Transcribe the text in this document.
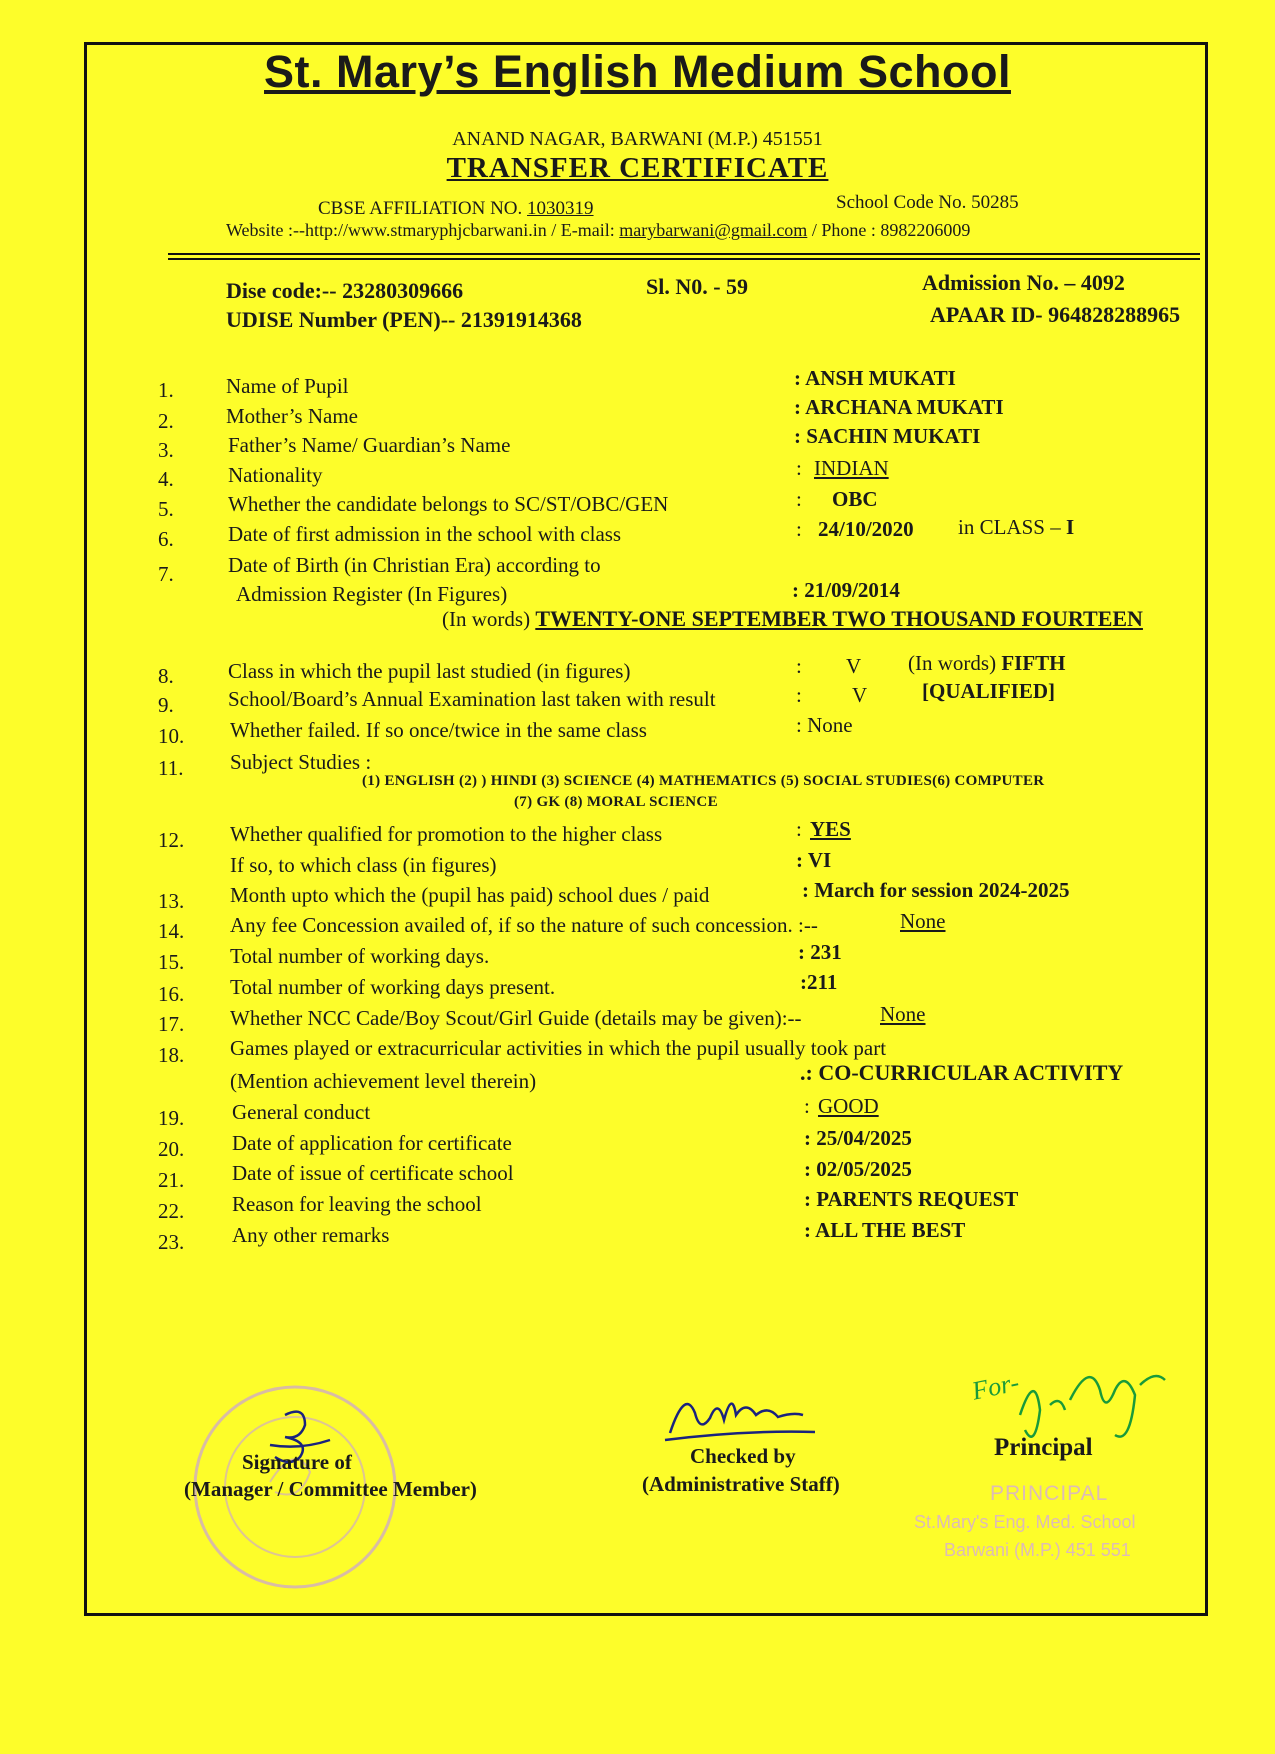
St. Mary’s English Medium School
ANAND NAGAR, BARWANI (M.P.) 451551
TRANSFER CERTIFICATE
CBSE AFFILIATION NO. 1030319	School Code No. 50285
Website :--http://www.stmaryphjcbarwani.in / E-mail: marybarwani@gmail.com / Phone : 8982206009
Dise code:-- 23280309666	Sl. N0. - 59	Admission No. – 4092
UDISE Number (PEN)-- 21391914368	APAAR ID- 964828288965
1. Name of Pupil	: ANSH MUKATI
2. Mother’s Name	: ARCHANA MUKATI
3.	Father’s Name/ Guardian’s Name	: SACHIN MUKATI
4.	Nationality	: INDIAN
5.	Whether the candidate belongs to SC/ST/OBC/GEN	: OBC
6.	Date of first admission in the school with class	: 24/10/2020 in CLASS – I
7.	Date of Birth (in Christian Era) according to
Admission Register (In Figures)	: 21/09/2014
(In words) TWENTY-ONE SEPTEMBER TWO THOUSAND FOURTEEN
8.	Class in which the pupil last studied (in figures)	: V (In words) FIFTH
9.	School/Board’s Annual Examination last taken with result	: V	[QUALIFIED]
10. Whether failed. If so once/twice in the same class	: None
11. Subject Studies :
(1) ENGLISH (2) ) HINDI (3) SCIENCE (4) MATHEMATICS (5) SOCIAL STUDIES(6) COMPUTER
(7) GK (8) MORAL SCIENCE
12. Whether qualified for promotion to the higher class	: YES
If so, to which class (in figures)	: VI
13. Month upto which the (pupil has paid) school dues / paid	: March for session 2024-2025
14. Any fee Concession availed of, if so the nature of such concession. :--	None
15. Total number of working days.	: 231
16. Total number of working days present.	:211
17. Whether NCC Cade/Boy Scout/Girl Guide (details may be given):--	None
18. Games played or extracurricular activities in which the pupil usually took part
(Mention achievement level therein)	.: CO-CURRICULAR ACTIVITY
19. General conduct	: GOOD
20. Date of application for certificate	: 25/04/2025
21. Date of issue of certificate school	: 02/05/2025
22. Reason for leaving the school	: PARENTS REQUEST
23. Any other remarks	: ALL THE BEST
Signature of
(Manager / Committee Member)
Checked by
(Administrative Staff)
For-
Principal
PRINCIPAL
St.Mary's Eng. Med. School
Barwani (M.P.) 451 551
